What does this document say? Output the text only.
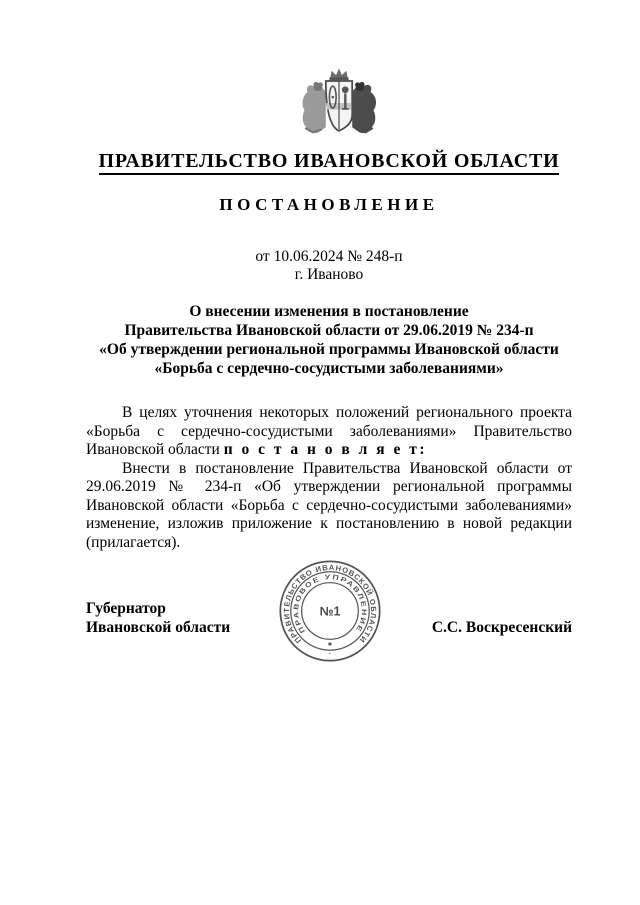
ПРАВИТЕЛЬСТВО ИВАНОВСКОЙ ОБЛАСТИ
ПОСТАНОВЛЕНИЕ
от 10.06.2024 № 248-п
г. Иваново
О внесении изменения в постановление
Правительства Ивановской области от 29.06.2019 № 234-п
«Об утверждении региональной программы Ивановской области
«Борьба с сердечно-сосудистыми заболеваниями»

В целях уточнения некоторых положений регионального проекта «Борьба с сердечно-сосудистыми заболеваниями» Правительство Ивановской области п о с т а н о в л я е т:

Внести в постановление Правительства Ивановской области от 29.06.2019 № 234-п «Об утверждении региональной программы Ивановской области «Борьба с сердечно-сосудистыми заболеваниями» изменение, изложив приложение к постановлению в новой редакции (прилагается).

Губернатор
Ивановской области	С.С. Воскресенский
ПРАВИТЕЛЬСТВО ИВАНОВСКОЙ ОБЛАСТИ
ПРАВОВОЕ УПРАВЛЕНИЕ
✱
·
№1
